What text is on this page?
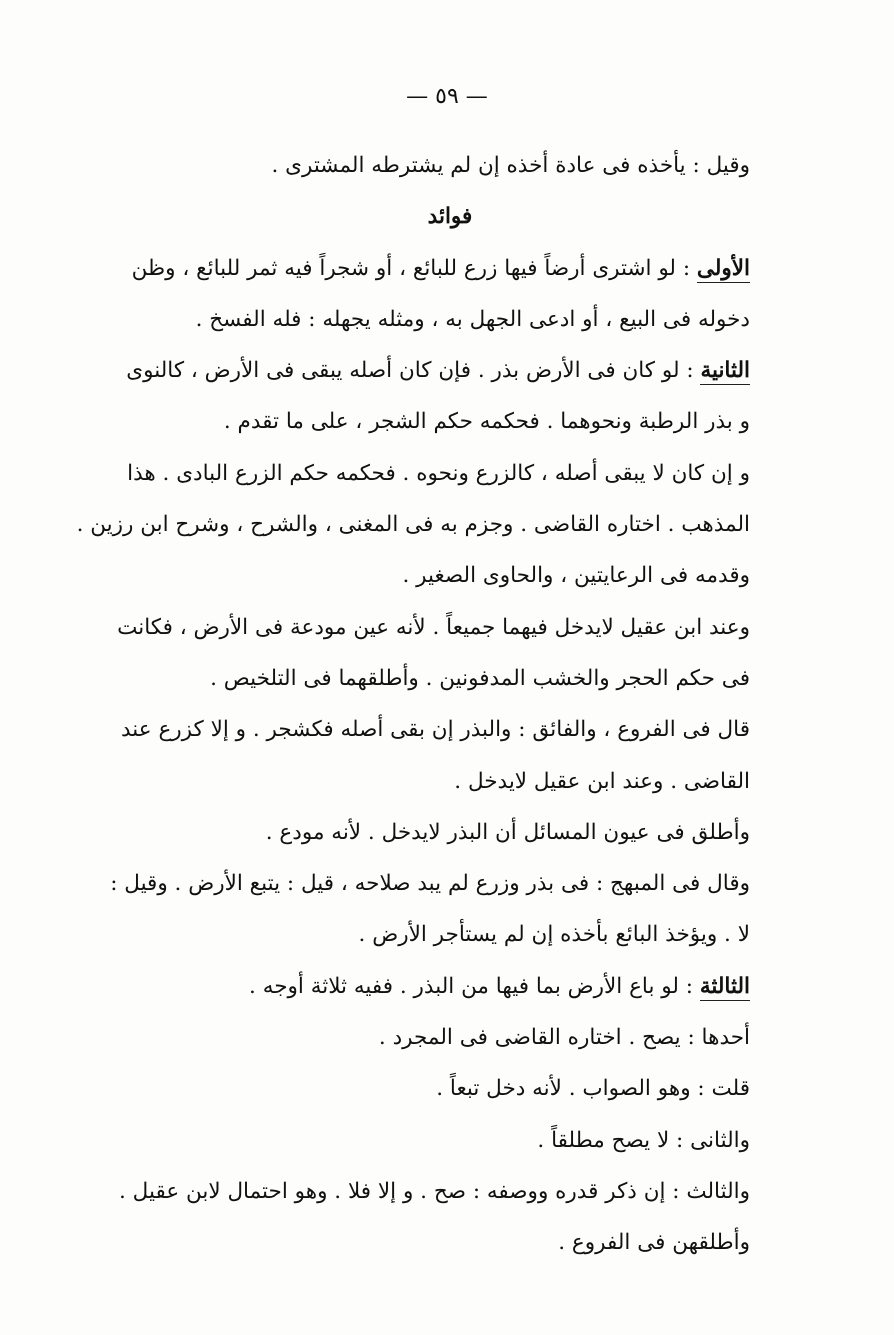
— ٥٩ —
وقيل : يأخذه فى عادة أخذه إن لم يشترطه المشترى .
فوائد
الأولى : لو اشترى أرضاً فيها زرع للبائع ، أو شجراً فيه ثمر للبائع ، وظن
دخوله فى البيع ، أو ادعى الجهل به ، ومثله يجهله : فله الفسخ .
الثانية : لو كان فى الأرض بذر . فإن كان أصله يبقى فى الأرض ، كالنوى
و بذر الرطبة ونحوهما . فحكمه حكم الشجر ، على ما تقدم .
و إن كان لا يبقى أصله ، كالزرع ونحوه . فحكمه حكم الزرع البادى . هذا
المذهب . اختاره القاضى . وجزم به فى المغنى ، والشرح ، وشرح ابن رزين .
وقدمه فى الرعايتين ، والحاوى الصغير .
وعند ابن عقيل لايدخل فيهما جميعاً . لأنه عين مودعة فى الأرض ، فكانت
فى حكم الحجر والخشب المدفونين . وأطلقهما فى التلخيص .
قال فى الفروع ، والفائق : والبذر إن بقى أصله فكشجر . و إلا كزرع عند
القاضى . وعند ابن عقيل لايدخل .
وأطلق فى عيون المسائل أن البذر لايدخل . لأنه مودع .
وقال فى المبهج : فى بذر وزرع لم يبد صلاحه ، قيل : يتبع الأرض . وقيل :
لا . ويؤخذ البائع بأخذه إن لم يستأجر الأرض .
الثالثة : لو باع الأرض بما فيها من البذر . ففيه ثلاثة أوجه .
أحدها : يصح . اختاره القاضى فى المجرد .
قلت : وهو الصواب . لأنه دخل تبعاً .
والثانى : لا يصح مطلقاً .
والثالث : إن ذكر قدره ووصفه : صح . و إلا فلا . وهو احتمال لابن عقيل .
وأطلقهن فى الفروع .
